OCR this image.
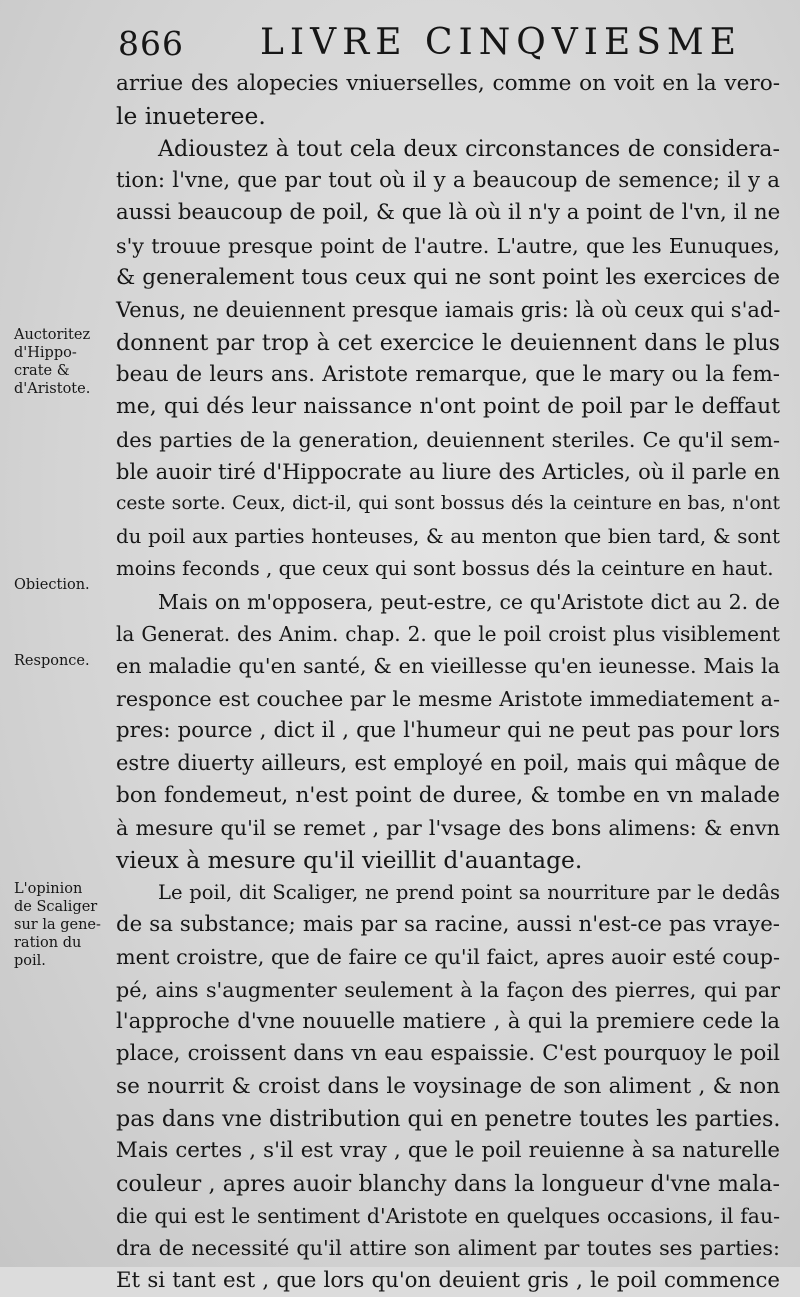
866 LIVRE CINQVIESME
arriue des alopecies vniuerselles, comme on voit en la vero-
le inueteree.
Adioustez à tout cela deux circonstances de considera-
tion: l'vne, que par tout où il y a beaucoup de semence; il y a
aussi beaucoup de poil, & que là où il n'y a point de l'vn, il ne
s'y trouue presque point de l'autre. L'autre, que les Eunuques,
& generalement tous ceux qui ne sont point les exercices de
Venus, ne deuiennent presque iamais gris: là où ceux qui s'ad-
donnent par trop à cet exercice le deuiennent dans le plus
beau de leurs ans. Aristote remarque, que le mary ou la fem-
me, qui dés leur naissance n'ont point de poil par le deffaut
des parties de la generation, deuiennent steriles. Ce qu'il sem-
ble auoir tiré d'Hippocrate au liure des Articles, où il parle en
ceste sorte. Ceux, dict-il, qui sont bossus dés la ceinture en bas, n'ont
du poil aux parties honteuses, & au menton que bien tard, & sont
moins feconds , que ceux qui sont bossus dés la ceinture en haut.
Mais on m'opposera, peut-estre, ce qu'Aristote dict au 2. de
la Generat. des Anim. chap. 2. que le poil croist plus visiblement
en maladie qu'en santé, & en vieillesse qu'en ieunesse. Mais la
responce est couchee par le mesme Aristote immediatement a-
pres: pource , dict il , que l'humeur qui ne peut pas pour lors
estre diuerty ailleurs, est employé en poil, mais qui mâque de
bon fondemeut, n'est point de duree, & tombe en vn malade
à mesure qu'il se remet , par l'vsage des bons alimens: & envn
vieux à mesure qu'il vieillit d'auantage.
Le poil, dit Scaliger, ne prend point sa nourriture par le dedâs
de sa substance; mais par sa racine, aussi n'est-ce pas vraye-
ment croistre, que de faire ce qu'il faict, apres auoir esté coup-
pé, ains s'augmenter seulement à la façon des pierres, qui par
l'approche d'vne nouuelle matiere , à qui la premiere cede la
place, croissent dans vn eau espaissie. C'est pourquoy le poil
se nourrit & croist dans le voysinage de son aliment , & non
pas dans vne distribution qui en penetre toutes les parties.
Mais certes , s'il est vray , que le poil reuienne à sa naturelle
couleur , apres auoir blanchy dans la longueur d'vne mala-
die qui est le sentiment d'Aristote en quelques occasions, il fau-
dra de necessité qu'il attire son aliment par toutes ses parties:
Et si tant est , que lors qu'on deuient gris , le poil commence
Auctoritez
d'Hippo-
crate &
d'Aristote.
Obiection.
Responce.
L'opinion
de Scaliger
sur la gene-
ration du
poil.
